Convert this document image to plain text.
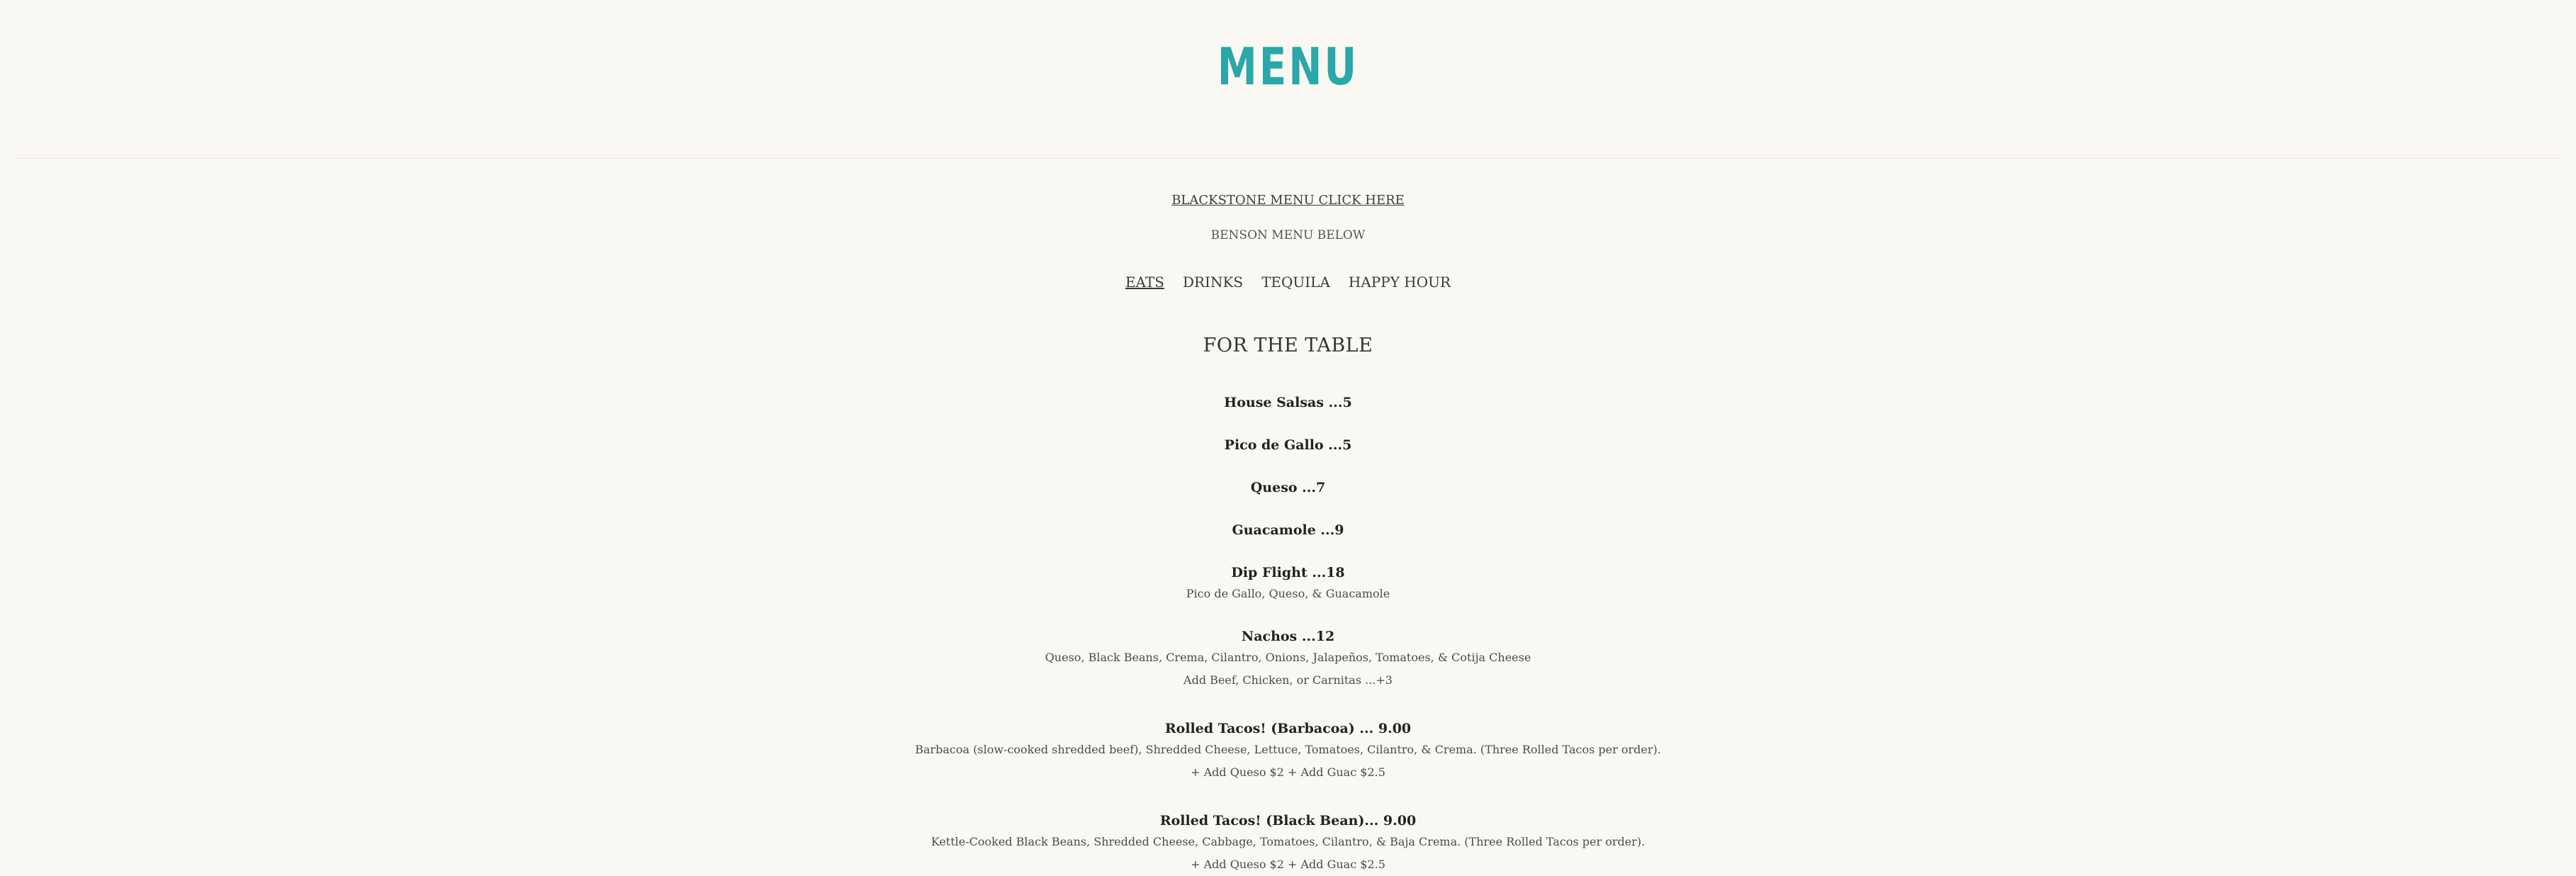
MENU
BLACKSTONE MENU CLICK HERE
BENSON MENU BELOW
EATS DRINKS TEQUILA HAPPY HOUR
FOR THE TABLE
House Salsas ...5
Pico de Gallo ...5
Queso ...7
Guacamole ...9
Dip Flight ...18
Pico de Gallo, Queso, & Guacamole
Nachos ...12
Queso, Black Beans, Crema, Cilantro, Onions, Jalapeños, Tomatoes, & Cotija Cheese
Add Beef, Chicken, or Carnitas ...+3
Rolled Tacos! (Barbacoa) ... 9.00
Barbacoa (slow-cooked shredded beef), Shredded Cheese, Lettuce, Tomatoes, Cilantro, & Crema. (Three Rolled Tacos per order).
+ Add Queso $2 + Add Guac $2.5
Rolled Tacos! (Black Bean)... 9.00
Kettle-Cooked Black Beans, Shredded Cheese, Cabbage, Tomatoes, Cilantro, & Baja Crema. (Three Rolled Tacos per order).
+ Add Queso $2 + Add Guac $2.5
